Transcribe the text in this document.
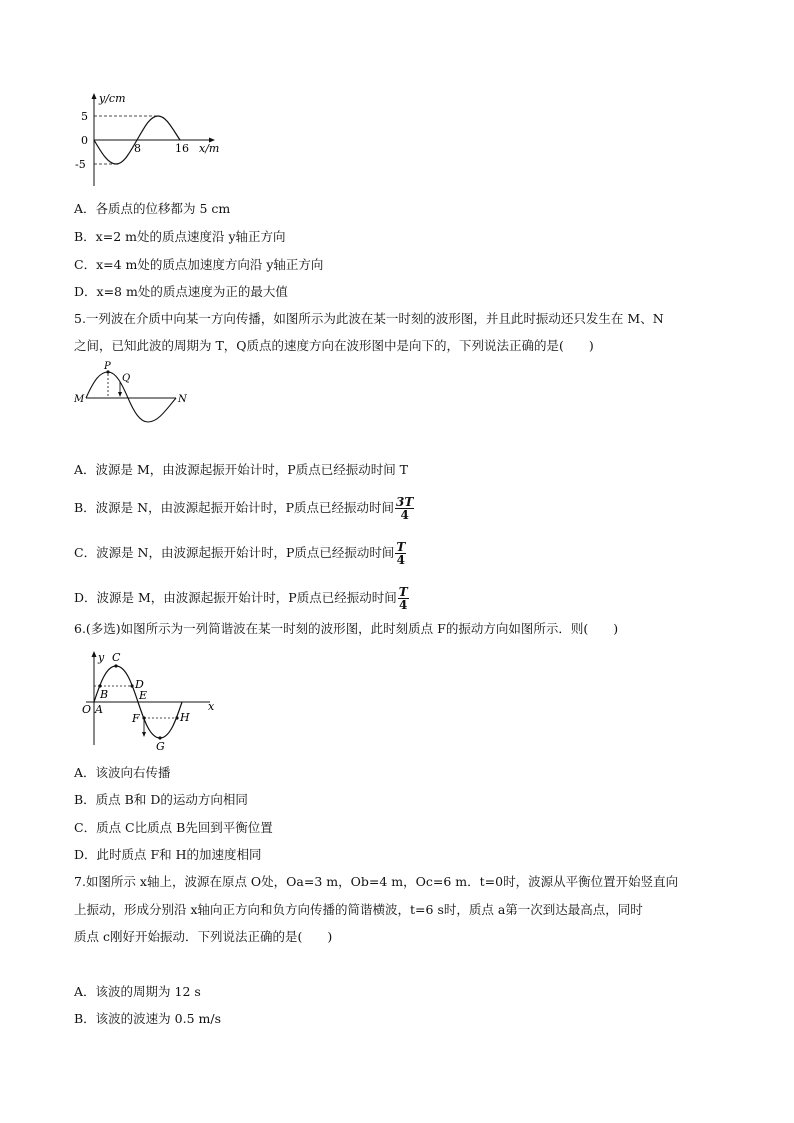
y/cm
5
0
-5
8	16 x/m
A．各质点的位移都为 5 cm
B．x=2 m处的质点速度沿 y轴正方向
C．x=4 m处的质点加速度方向沿 y轴正方向
D．x=8 m处的质点速度为正的最大值
5.一列波在介质中向某一方向传播，如图所示为此波在某一时刻的波形图，并且此时振动还只发生在 M、N
之间，已知此波的周期为 T，Q质点的速度方向在波形图中是向下的，下列说法正确的是(　　)
P
Q
M	N
A．波源是 M，由波源起振开始计时，P质点已经振动时间 T
B．波源是 N，由波源起振开始计时，P质点已经振动时间 $\frac{3T}{4}$
C．波源是 N，由波源起振开始计时，P质点已经振动时间 $\frac{T}{4}$
D．波源是 M，由波源起振开始计时，P质点已经振动时间 $\frac{T}{4}$
6.(多选)如图所示为一列简谐波在某一时刻的波形图，此时刻质点 F的振动方向如图所示．则(　　)
y
x
O A
B
C
D
E
F
G
H
A．该波向右传播
B．质点 B和 D的运动方向相同
C．质点 C比质点 B先回到平衡位置
D．此时质点 F和 H的加速度相同
7.如图所示 x轴上，波源在原点 O处，Oa=3 m，Ob=4 m，Oc=6 m．t=0时，波源从平衡位置开始竖直向
上振动，形成分别沿 x轴向正方向和负方向传播的简谐横波，t=6 s时，质点 a第一次到达最高点，同时
质点 c刚好开始振动．下列说法正确的是(　　)
A．该波的周期为 12 s
B．该波的波速为 0.5 m/s
